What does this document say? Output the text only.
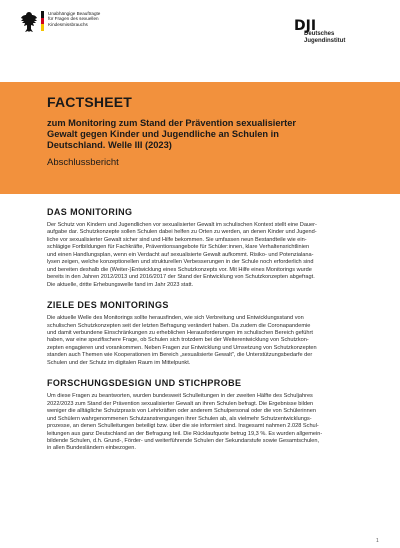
Unabhängige Beauftragte
für Fragen des sexuellen
Kindesmissbrauchs	DJI
Deutsches
Jugendinstitut
FACTSHEET
zum Monitoring zum Stand der Prävention sexualisierter
Gewalt gegen Kinder und Jugendliche an Schulen in
Deutschland. Welle III (2023)
Abschlussbericht
DAS MONITORING
Der Schutz von Kindern und Jugendlichen vor sexualisierter Gewalt im schulischen Kontext stellt eine Dauer-
aufgabe dar. Schutzkonzepte sollen Schulen dabei helfen zu Orten zu werden, an denen Kinder und Jugend-
liche vor sexualisierter Gewalt sicher sind und Hilfe bekommen. Sie umfassen neun Bestandteile wie ein-
schlägige Fortbildungen für Fachkräfte, Präventionsangebote für Schüler:innen, klare Verhaltensrichtlinien
und einen Handlungsplan, wenn ein Verdacht auf sexualisierte Gewalt aufkommt. Risiko- und Potenzialana-
lysen zeigen, welche konzeptionellen und strukturellen Verbesserungen in der Schule noch erforderlich sind
und bereiten deshalb die (Weiter-)Entwicklung eines Schutzkonzepts vor. Mit Hilfe eines Monitorings wurde
bereits in den Jahren 2012/2013 und 2016/2017 der Stand der Entwicklung von Schutzkonzepten abgefragt.
Die aktuelle, dritte Erhebungswelle fand im Jahr 2023 statt.
ZIELE DES MONITORINGS
Die aktuelle Welle des Monitorings sollte herausfinden, wie sich Verbreitung und Entwicklungsstand von
schulischen Schutzkonzepten seit der letzten Befragung verändert haben. Da zudem die Coronapandemie
und damit verbundene Einschränkungen zu erheblichen Herausforderungen im schulischen Bereich geführt
haben, war eine spezifischere Frage, ob Schulen sich trotzdem bei der Weiterentwicklung von Schutzkon-
zepten engagieren und vorankommen. Neben Fragen zur Entwicklung und Umsetzung von Schutzkonzepten
standen auch Themen wie Kooperationen im Bereich „sexualisierte Gewalt", die Unterstützungsbedarfe der
Schulen und der Schutz im digitalen Raum im Mittelpunkt.
FORSCHUNGSDESIGN UND STICHPROBE
Um diese Fragen zu beantworten, wurden bundesweit Schulleitungen in der zweiten Hälfte des Schuljahres
2022/2023 zum Stand der Prävention sexualisierter Gewalt an ihren Schulen befragt. Die Ergebnisse bilden
weniger die alltägliche Schutzpraxis von Lehrkräften oder anderem Schulpersonal oder die von Schülerinnen
und Schülern wahrgenommenen Schutzanstrengungen ihrer Schulen ab, als vielmehr Schutzentwicklungs-
prozesse, an denen Schulleitungen beteiligt bzw. über die sie informiert sind. Insgesamt nahmen 2.028 Schul-
leitungen aus ganz Deutschland an der Befragung teil. Die Rücklaufquote betrug 19,3 %. Es wurden allgemein-
bildende Schulen, d.h. Grund-, Förder- und weiterführende Schulen der Sekundarstufe sowie Gesamtschulen,
in allen Bundesländern einbezogen.
1
